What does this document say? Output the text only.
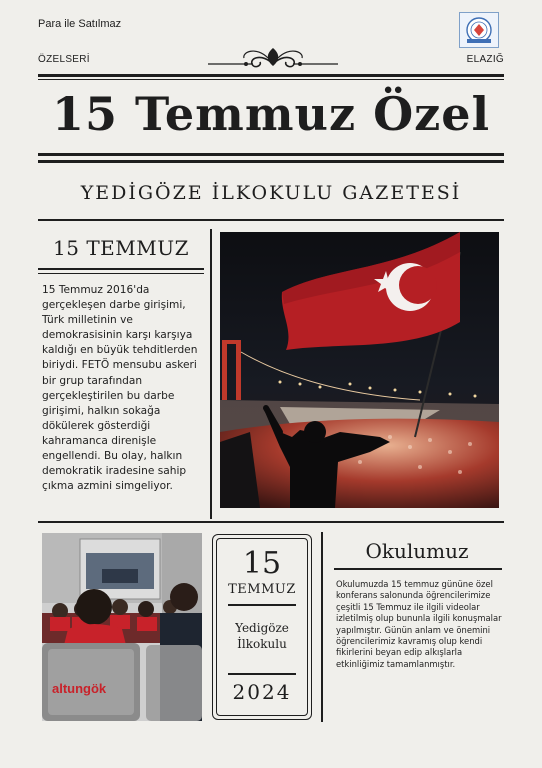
Para ile Satılmaz
ÖZELSERİ	ELAZIĞ
15 Temmuz Özel
YEDİGÖZE İLKOKULU GAZETESİ
15 TEMMUZ
15 Temmuz 2016'da gerçekleşen darbe girişimi, Türk milletinin ve demokrasisinin karşı karşıya kaldığı en büyük tehditlerden biriydi. FETÖ mensubu askeri bir grup tarafından gerçekleştirilen bu darbe girişimi, halkın sokağa dökülerek gösterdiği kahramanca direnişle engellendi. Bu olay, halkın demokratik iradesine sahip çıkma azmini simgeliyor.
altungök
15
TEMMUZ
Yedigöze
İlkokulu
2024
Okulumuz
Okulumuzda 15 temmuz gününe özel konferans salonunda öğrencilerimize çeşitli 15 Temmuz ile ilgili videolar izletilmiş olup bununla ilgili konuşmalar yapılmıştır. Günün anlam ve önemini öğrencilerimiz kavramış olup kendi fikirlerini beyan edip alkışlarla etkinliğimiz tamamlanmıştır.
